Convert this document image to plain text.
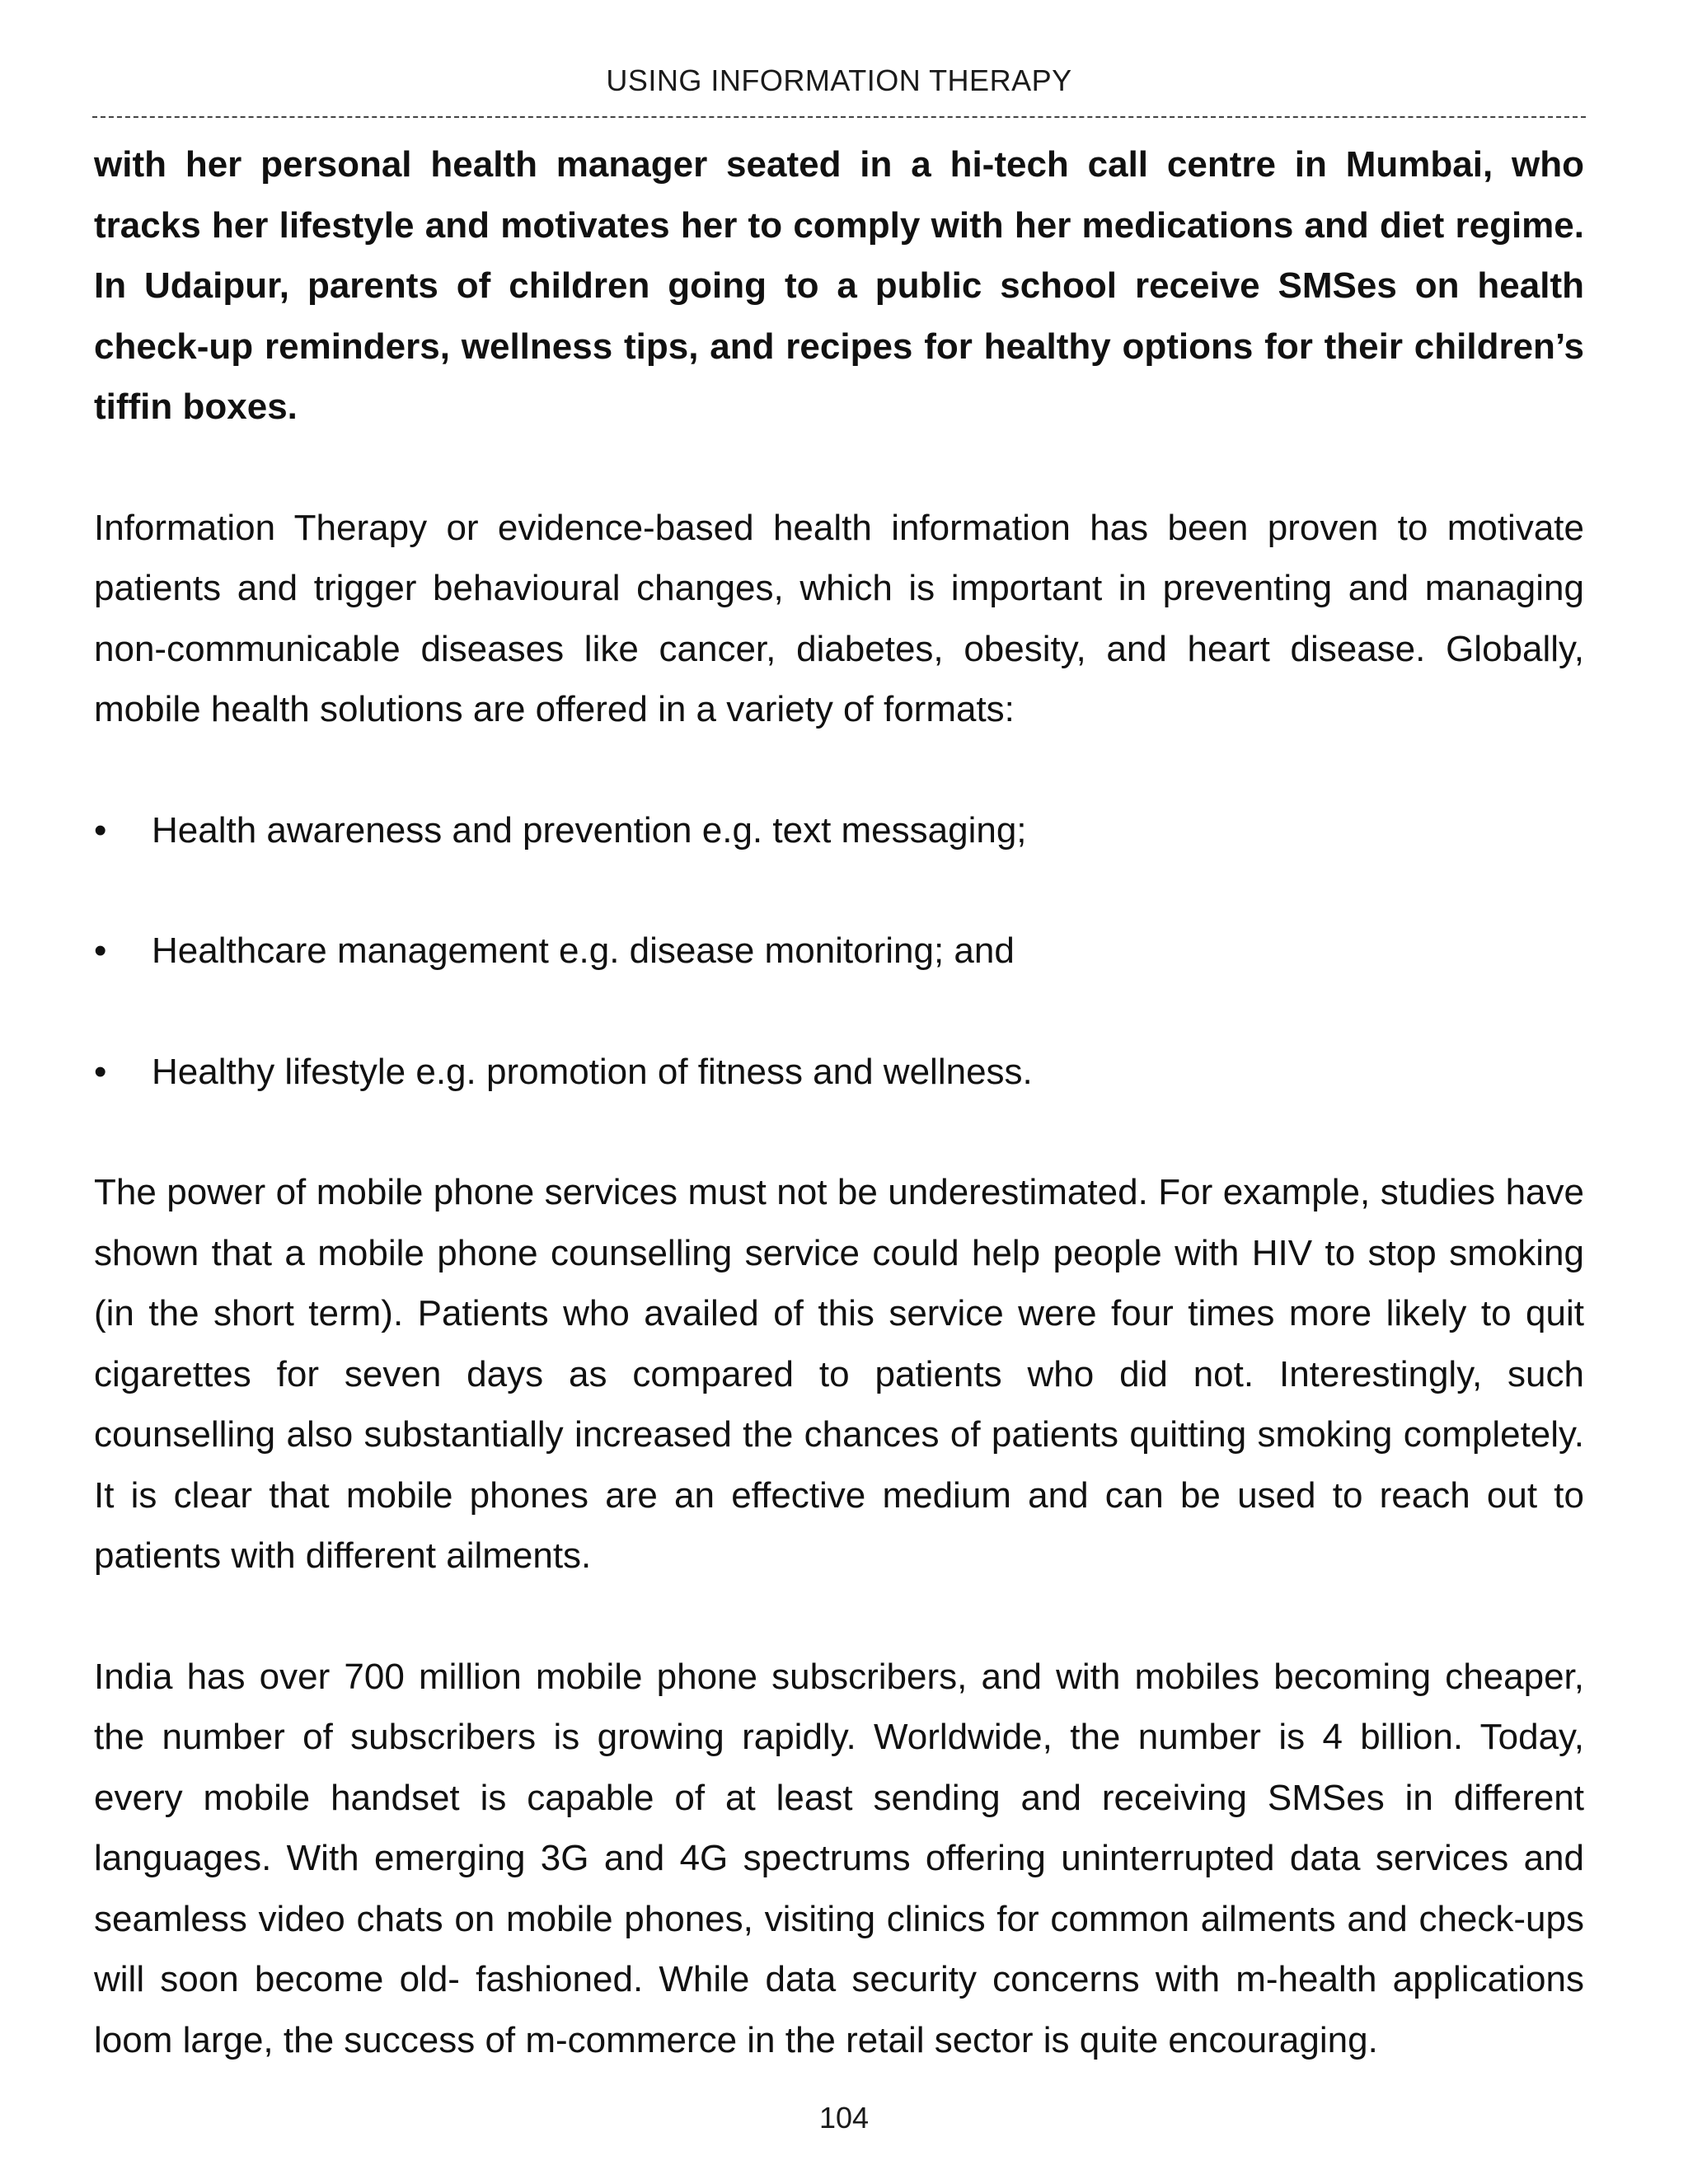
USING INFORMATION THERAPY

with her personal health manager seated in a hi-tech call centre in Mumbai, who tracks her lifestyle and motivates her to comply with her medications and diet regime. In Udaipur, parents of children going to a public school receive SMSes on health check-up reminders, wellness tips, and recipes for healthy options for their children’s tiffin boxes.

Information Therapy or evidence-based health information has been proven to motivate patients and trigger behavioural changes, which is important in preventing and managing non-communicable diseases like cancer, diabetes, obesity, and heart disease. Globally, mobile health solutions are offered in a variety of formats:

• Health awareness and prevention e.g. text messaging;
• Healthcare management e.g. disease monitoring; and
• Healthy lifestyle e.g. promotion of fitness and wellness.

The power of mobile phone services must not be underestimated. For example, studies have shown that a mobile phone counselling service could help people with HIV to stop smoking (in the short term). Patients who availed of this service were four times more likely to quit cigarettes for seven days as compared to patients who did not. Interestingly, such counselling also substantially increased the chances of patients quitting smoking completely. It is clear that mobile phones are an effective medium and can be used to reach out to patients with different ailments.

India has over 700 million mobile phone subscribers, and with mobiles becoming cheaper, the number of subscribers is growing rapidly. Worldwide, the number is 4 billion. Today, every mobile handset is capable of at least sending and receiving SMSes in different languages. With emerging 3G and 4G spectrums offering uninterrupted data services and seamless video chats on mobile phones, visiting clinics for common ailments and check-ups will soon become old- fashioned. While data security concerns with m-health applications loom large, the success of m-commerce in the retail sector is quite encouraging.

104
